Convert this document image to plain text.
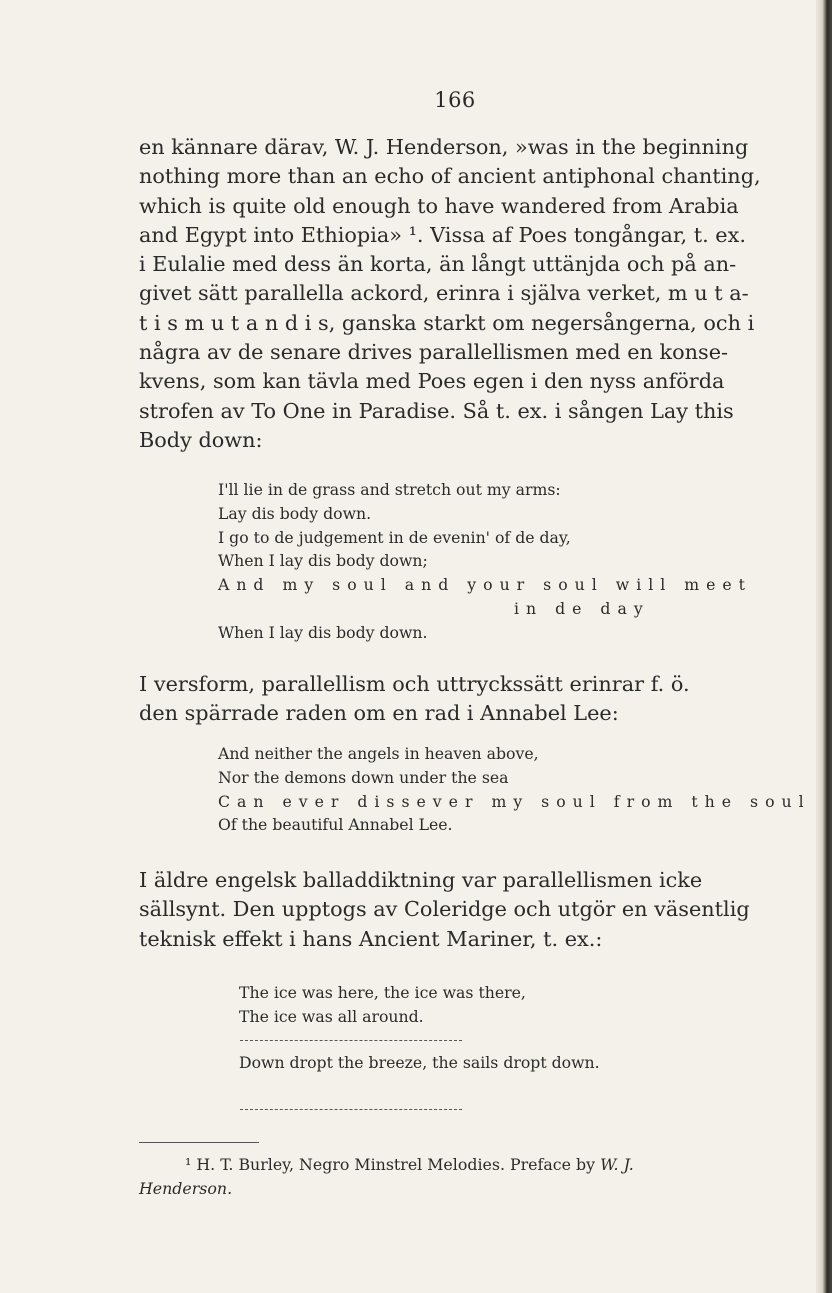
166

en kännare därav, W. J. Henderson, »was in the beginning
nothing more than an echo of ancient antiphonal chanting,
which is quite old enough to have wandered from Arabia
and Egypt into Ethiopia» ¹. Vissa af Poes tongångar, t. ex.
i Eulalie med dess än korta, än långt uttänjda och på an-
givet sätt parallella ackord, erinra i själva verket, m u t a-
t i s m u t a n d i s, ganska starkt om negersångerna, och i
några av de senare drives parallellismen med en konse-
kvens, som kan tävla med Poes egen i den nyss anförda
strofen av To One in Paradise. Så t. ex. i sången Lay this
Body down:

I'll lie in de grass and stretch out my arms:
Lay dis body down.
I go to de judgement in de evenin' of de day,
When I lay dis body down;
And my soul and your soul will meet
in de day
When I lay dis body down.

I versform, parallellism och uttryckssätt erinrar f. ö.
den spärrade raden om en rad i Annabel Lee:

And neither the angels in heaven above,
Nor the demons down under the sea
Can ever dissever my soul from the soul
Of the beautiful Annabel Lee.

I äldre engelsk balladdiktning var parallellismen icke
sällsynt. Den upptogs av Coleridge och utgör en väsentlig
teknisk effekt i hans Ancient Mariner, t. ex.:

The ice was here, the ice was there,
The ice was all around.
Down dropt the breeze, the sails dropt down.
¹ H. T. Burley, Negro Minstrel Melodies. Preface by W. J.
Henderson.
